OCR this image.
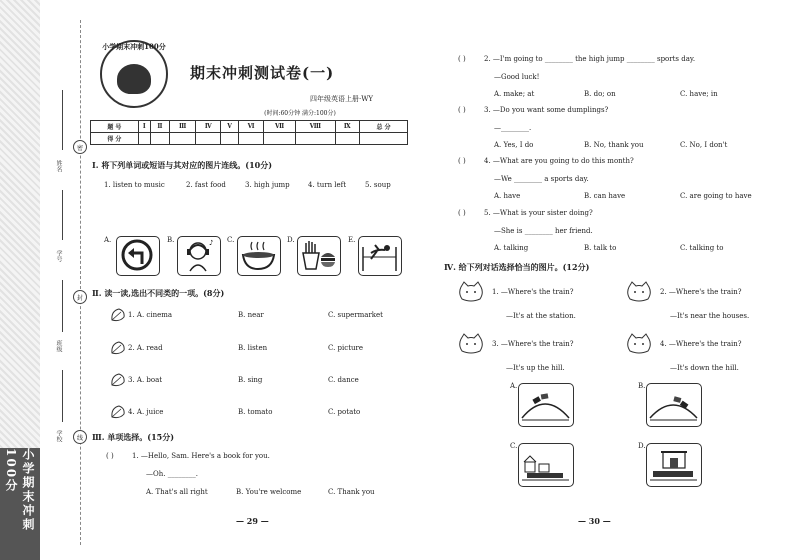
小学期末冲刺100分
密
封
线
姓名
学号
班级
学校
小学期末冲刺100分
期末冲刺测试卷(一)
四年级英语上册·WY
(时间:60分钟 满分:100分)
题 号	Ⅰ	Ⅱ	Ⅲ	Ⅳ	Ⅴ	Ⅵ	Ⅶ	Ⅷ	Ⅸ	总 分
得 分										
Ⅰ. 将下列单词或短语与其对应的图片连线。(10分)
1. listen to music	2. fast food	3. high jump	4. turn left	5. soup
A.	B.	♪ C.	D.	E.
Ⅱ. 读一读,选出不同类的一项。(8分)
1. A. cinema	B. near	C. supermarket
2. A. read	B. listen	C. picture
3. A. boat	B. sing	C. dance
4. A. juice	B. tomato	C. potato
Ⅲ. 单项选择。(15分)
( )	1. —Hello, Sam. Here's a book for you.
—Oh. ________.
A. That's all right	B. You're welcome	C. Thank you
— 29 —
( )	2. —I'm going to ________ the high jump ________ sports day.
—Good luck!
A. make; at	B. do; on	C. have; in
( )	3. —Do you want some dumplings?
—________.
A. Yes, I do	B. No, thank you	C. No, I don't
( )	4. —What are you going to do this month?
—We ________ a sports day.
A. have	B. can have	C. are going to have
( )	5. —What is your sister doing?
—She is ________ her friend.
A. talking	B. talk to	C. talking to
Ⅳ. 给下列对话选择恰当的图片。(12分)
1. —Where's the train?
—It's at the station.
2. —Where's the train?
—It's near the houses.
3. —Where's the train?
—It's up the hill.
4. —Where's the train?
—It's down the hill.
A.	B.
C.	D.
— 30 —
